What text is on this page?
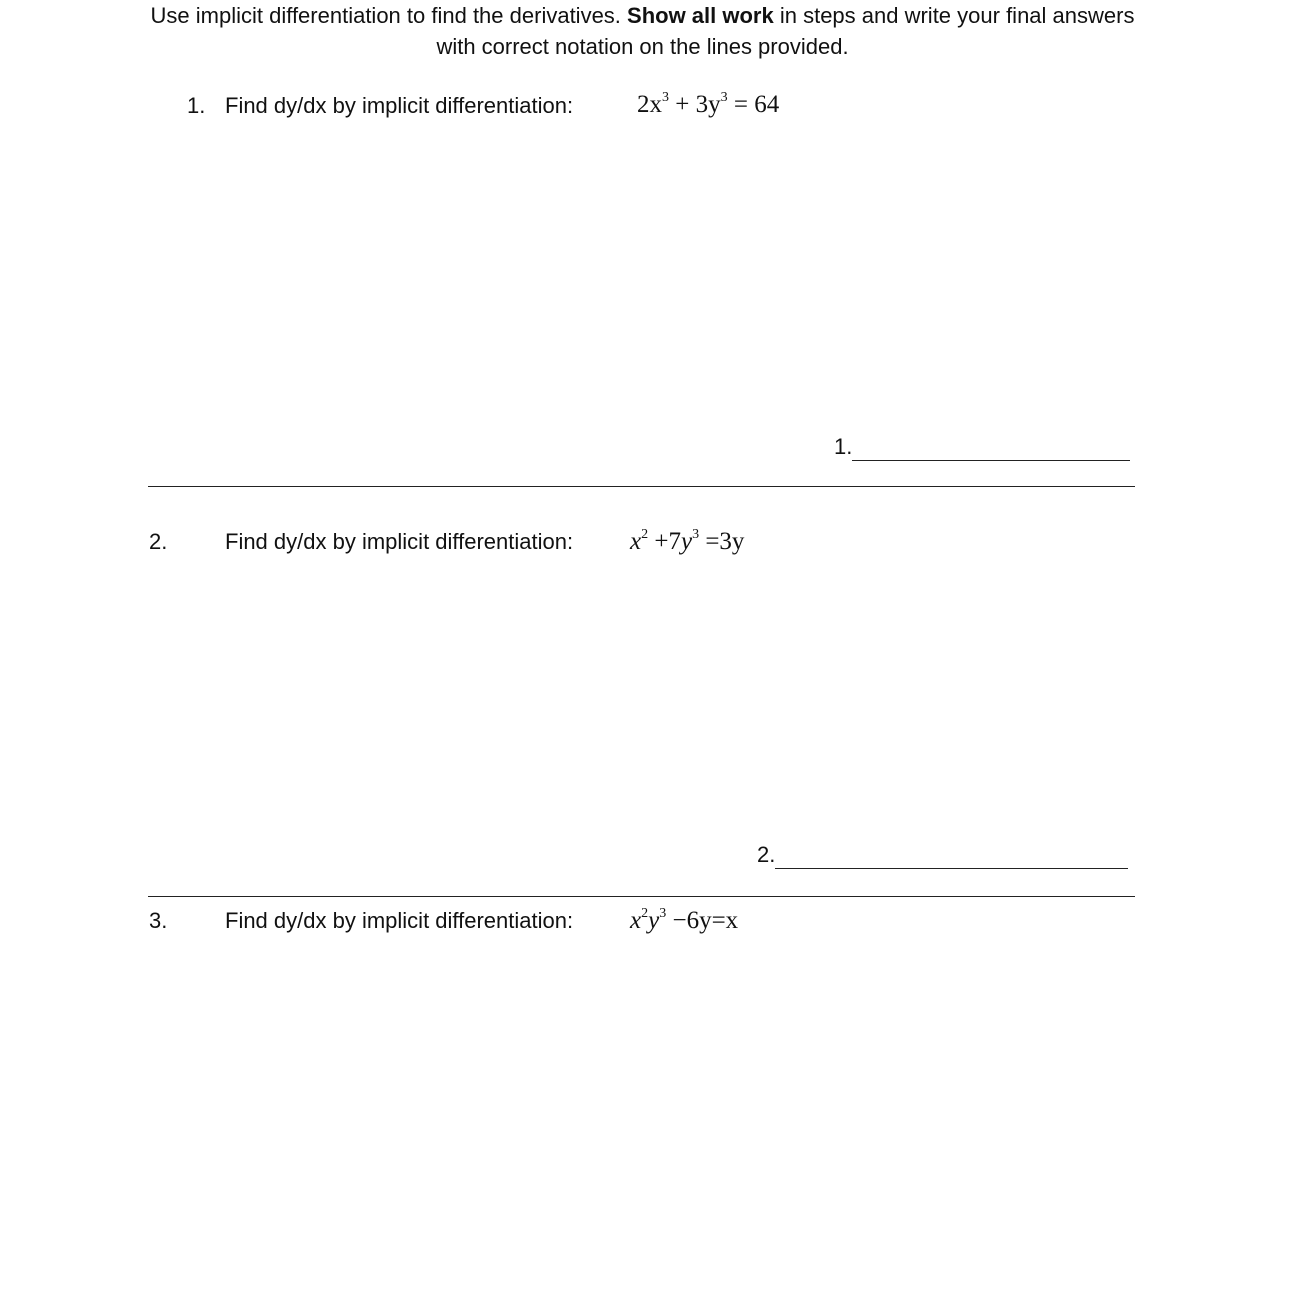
Use implicit differentiation to find the derivatives. Show all work in steps and write your final answers with correct notation on the lines provided.
1. Find dy/dx by implicit differentiation:	$2x^3 + 3y^3 = 64$
1.
2.	Find dy/dx by implicit differentiation: $x^2 +7y^3 =3y$
2.
3.	Find dy/dx by implicit differentiation: $x^2y^3 -6y=x$
